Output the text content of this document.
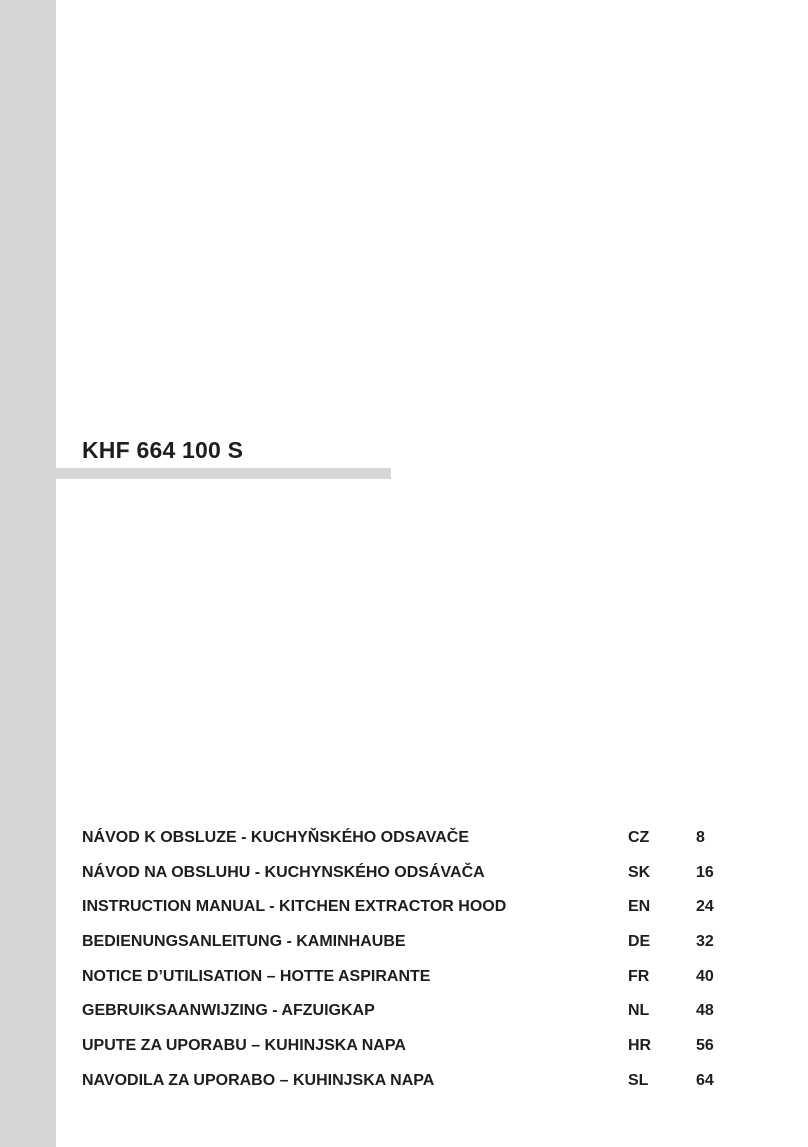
KHF 664 100 S
NÁVOD K OBSLUZE - KUCHYŇSKÉHO ODSAVAČE	CZ	8
NÁVOD NA OBSLUHU - KUCHYNSKÉHO ODSÁVAČA	SK	16
INSTRUCTION MANUAL - KITCHEN EXTRACTOR HOOD	EN	24
BEDIENUNGSANLEITUNG - KAMINHAUBE	DE	32
NOTICE D’UTILISATION – HOTTE ASPIRANTE	FR	40
GEBRUIKSAANWIJZING - AFZUIGKAP	NL	48
UPUTE ZA UPORABU – KUHINJSKA NAPA	HR	56
NAVODILA ZA UPORABO – KUHINJSKA NAPA	SL	64
